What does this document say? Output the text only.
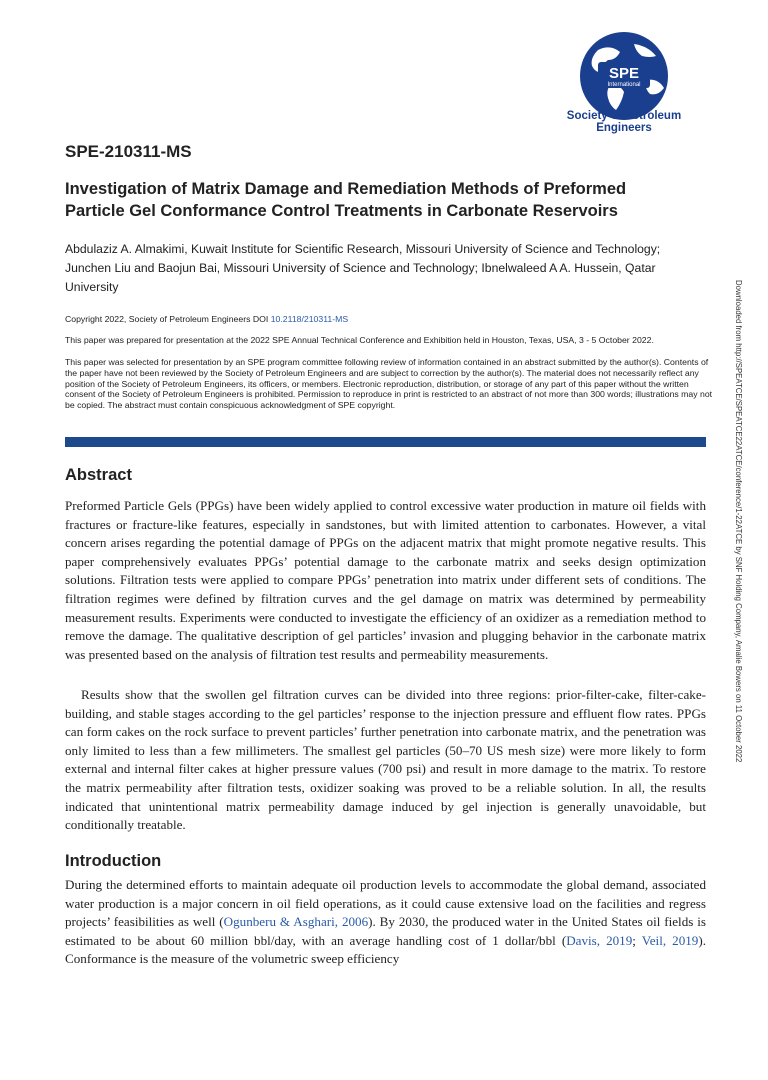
SPE
International
Society of Petroleum Engineers
SPE-210311-MS
Investigation of Matrix Damage and Remediation Methods of Preformed Particle Gel Conformance Control Treatments in Carbonate Reservoirs
Abdulaziz A. Almakimi, Kuwait Institute for Scientific Research, Missouri University of Science and Technology; Junchen Liu and Baojun Bai, Missouri University of Science and Technology; Ibnelwaleed A A. Hussein, Qatar University
Copyright 2022, Society of Petroleum Engineers DOI 10.2118/210311-MS
This paper was prepared for presentation at the 2022 SPE Annual Technical Conference and Exhibition held in Houston, Texas, USA, 3 - 5 October 2022.
This paper was selected for presentation by an SPE program committee following review of information contained in an abstract submitted by the author(s). Contents of the paper have not been reviewed by the Society of Petroleum Engineers and are subject to correction by the author(s). The material does not necessarily reflect any position of the Society of Petroleum Engineers, its officers, or members. Electronic reproduction, distribution, or storage of any part of this paper without the written consent of the Society of Petroleum Engineers is prohibited. Permission to reproduce in print is restricted to an abstract of not more than 300 words; illustrations may not be copied. The abstract must contain conspicuous acknowledgment of SPE copyright.
Abstract

Preformed Particle Gels (PPGs) have been widely applied to control excessive water production in mature oil fields with fractures or fracture-like features, especially in sandstones, but with limited attention to carbonates. However, a vital concern arises regarding the potential damage of PPGs on the adjacent matrix that might promote negative results. This paper comprehensively evaluates PPGs’ potential damage to the carbonate matrix and seeks design optimization solutions. Filtration tests were applied to compare PPGs’ penetration into matrix under different sets of conditions. The filtration regimes were defined by filtration curves and the gel damage on matrix was determined by permeability measurement results. Experiments were conducted to investigate the efficiency of an oxidizer as a remediation method to remove the damage. The qualitative description of gel particles’ invasion and plugging behavior in the carbonate matrix was presented based on the analysis of filtration test results and permeability measurements.

Results show that the swollen gel filtration curves can be divided into three regions: prior-filter-cake, filter-cake-building, and stable stages according to the gel particles’ response to the injection pressure and effluent flow rates. PPGs can form cakes on the rock surface to prevent particles’ further penetration into carbonate matrix, and the penetration was only limited to less than a few millimeters. The smallest gel particles (50–70 US mesh size) were more likely to form external and internal filter cakes at higher pressure values (700 psi) and result in more damage to the matrix. To restore the matrix permeability after filtration tests, oxidizer soaking was proved to be a reliable solution. In all, the results indicated that unintentional matrix permeability damage induced by gel injection is generally unavoidable, but conditionally treatable.

Introduction

During the determined efforts to maintain adequate oil production levels to accommodate the global demand, associated water production is a major concern in oil field operations, as it could cause extensive load on the facilities and regress projects’ feasibilities as well (Ogunberu & Asghari, 2006). By 2030, the produced water in the United States oil fields is estimated to be about 60 million bbl/day, with an average handling cost of 1 dollar/bbl (Davis, 2019; Veil, 2019). Conformance is the measure of the volumetric sweep efficiency

Downloaded from http://SPEATCE/SPEATCE22ATCE/conference/1-22ATCE by SNF Holding Company, Amalie Bowers on 11 October 2022
